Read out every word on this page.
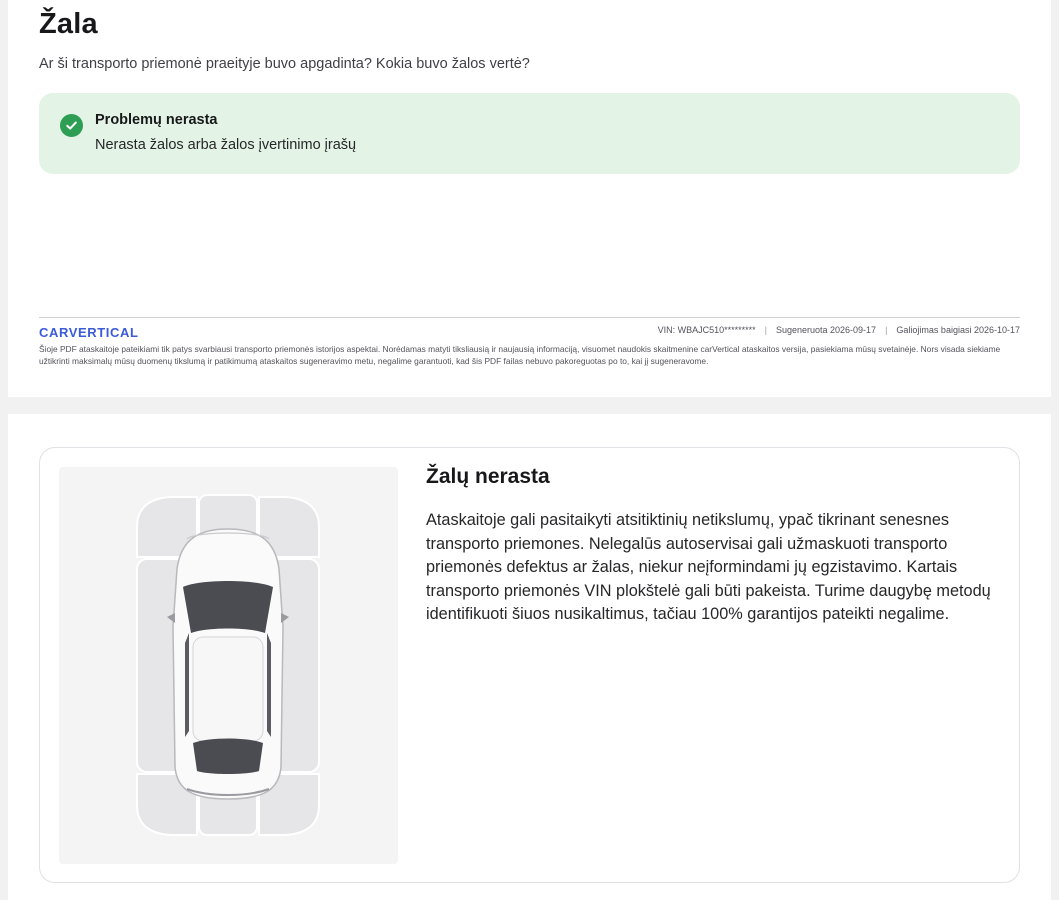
Žala

Ar ši transporto priemonė praeityje buvo apgadinta? Kokia buvo žalos vertė?

Problemų nerasta
Nerasta žalos arba žalos įvertinimo įrašų
CARVERTICAL	VIN: WBAJC510********* | Sugeneruota 2026-09-17 | Galiojimas baigiasi 2026-10-17

Šioje PDF ataskaitoje pateikiami tik patys svarbiausi transporto priemonės istorijos aspektai. Norėdamas matyti tiksliausią ir naujausią informaciją, visuomet naudokis skaitmenine carVertical ataskaitos versija, pasiekiama mūsų svetainėje. Nors visada siekiame užtikrinti maksimalų mūsų duomenų tikslumą ir patikimumą ataskaitos sugeneravimo metu, negalime garantuoti, kad šis PDF failas nebuvo pakoreguotas po to, kai jį sugeneravome.

Žalų nerasta

Ataskaitoje gali pasitaikyti atsitiktinių netikslumų, ypač tikrinant senesnes transporto priemones. Nelegalūs autoservisai gali užmaskuoti transporto priemonės defektus ar žalas, niekur neįformindami jų egzistavimo. Kartais transporto priemonės VIN plokštelė gali būti pakeista. Turime daugybę metodų identifikuoti šiuos nusikaltimus, tačiau 100% garantijos pateikti negalime.
